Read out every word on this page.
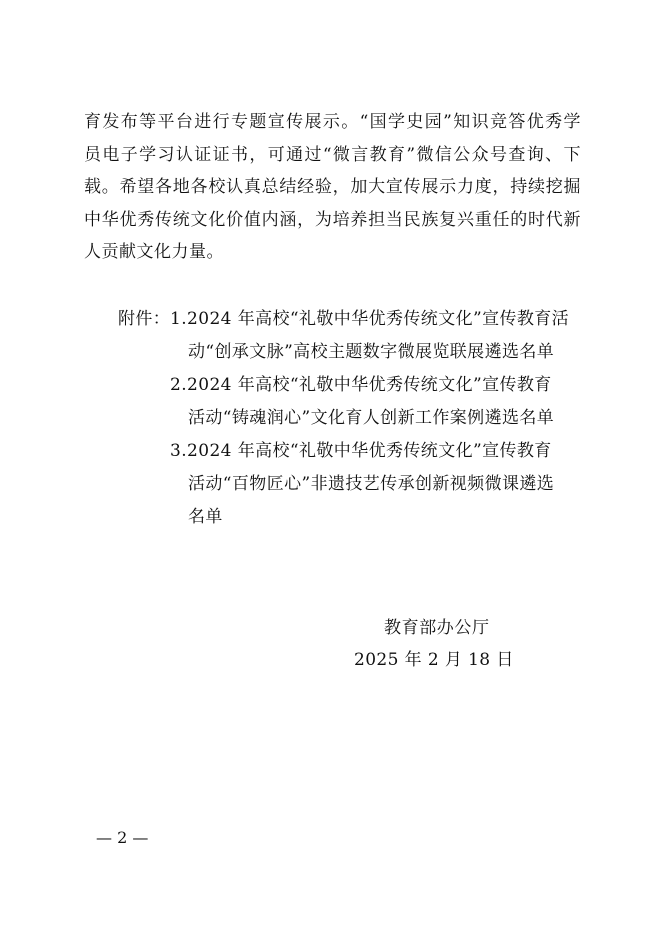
育发布等平台进行专题宣传展示。“国学史园”知识竞答优秀学
员电子学习认证证书，可通过“微言教育”微信公众号查询、下
载。希望各地各校认真总结经验，加大宣传展示力度，持续挖掘
中华优秀传统文化价值内涵，为培养担当民族复兴重任的时代新
人贡献文化力量。
附件：1.2024 年高校“礼敬中华优秀传统文化”宣传教育活
动“创承文脉”高校主题数字微展览联展遴选名单
2.2024 年高校“礼敬中华优秀传统文化”宣传教育
活动“铸魂润心”文化育人创新工作案例遴选名单
3.2024 年高校“礼敬中华优秀传统文化”宣传教育
活动“百物匠心”非遗技艺传承创新视频微课遴选
名单
教育部办公厅
2025 年 2 月 18 日
— 2 —
